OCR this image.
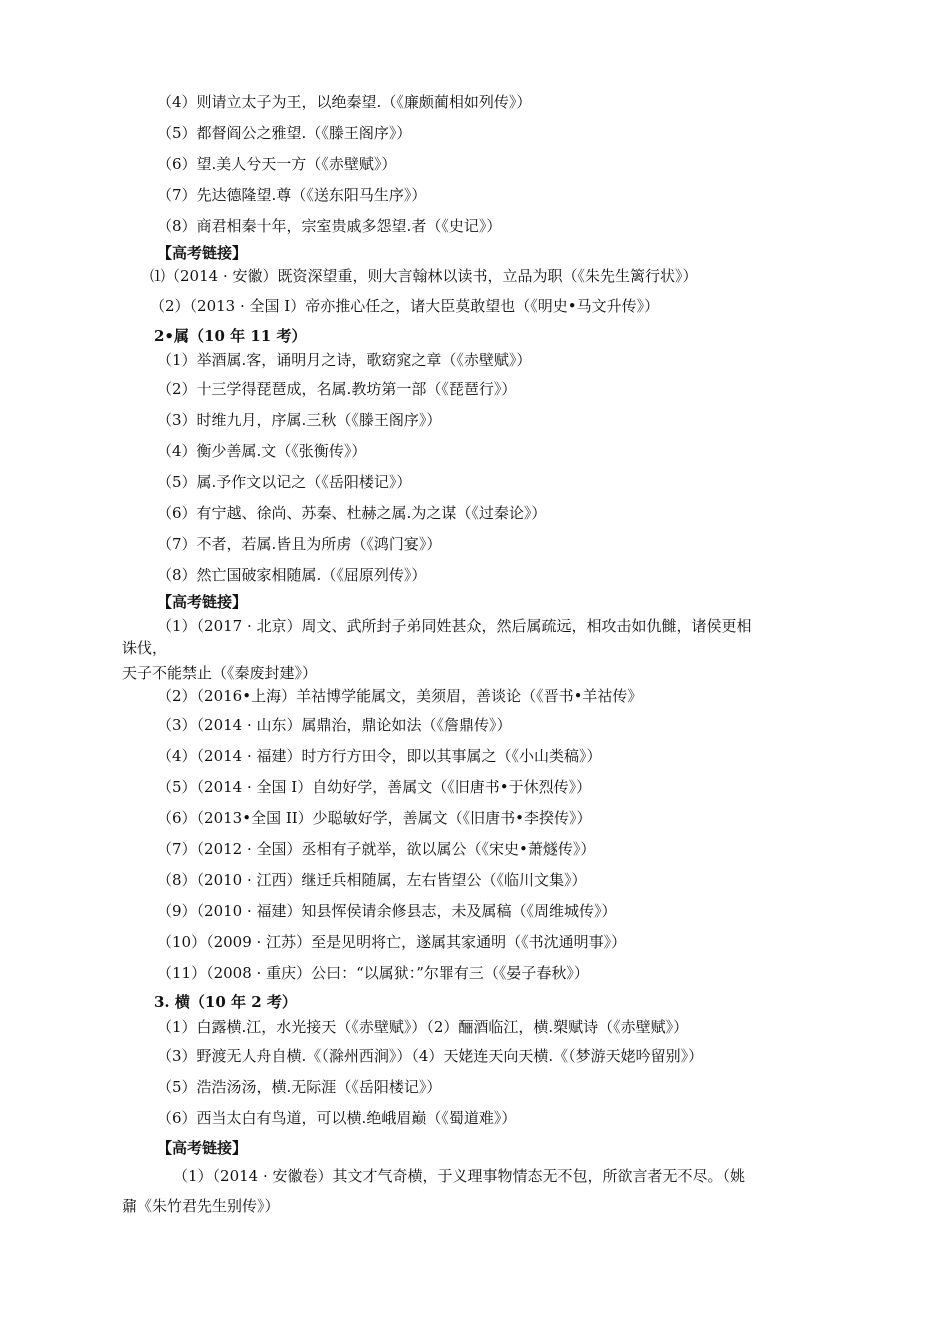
（4）则请立太子为王，以绝秦望.（《廉颇蔺相如列传》）
（5）都督阎公之雅望.（《滕王阁序》）
（6）望.美人兮天一方（《赤壁赋》）
（7）先达德隆望.尊（《送东阳马生序》）
（8）商君相秦十年，宗室贵戚多怨望.者（《史记》）
【高考链接】
⑴（2014 · 安徽）既资深望重，则大言翰林以读书，立品为职（《朱先生篱行状》）
（2）（2013 · 全国 I）帝亦推心任之，诸大臣莫敢望也（《明史•马文升传》）
2•属（10 年 11 考）
（1）举酒属.客，诵明月之诗，歌窈窕之章（《赤壁赋》）
（2）十三学得琵琶成，名属.教坊第一部（《琵琶行》）
（3）时维九月，序属.三秋（《滕王阁序》）
（4）衡少善属.文（《张衡传》）
（5）属.予作文以记之（《岳阳楼记》）
（6）有宁越、徐尚、苏秦、杜赫之属.为之谋（《过秦论》）
（7）不者，若属.皆且为所虏（《鸿门宴》）
（8）然亡国破家相随属.（《屈原列传》）
【高考链接】
（1）（2017 · 北京）周文、武所封子弟同姓甚众，然后属疏远，相攻击如仇雠，诸侯更相
诛伐，
天子不能禁止（《秦废封建》）
（2）（2016•上海）羊祜博学能属文，美须眉，善谈论（《晋书•羊祜传》
（3）（2014 · 山东）属鼎治，鼎论如法（《詹鼎传》）
（4）（2014 · 福建）时方行方田令，即以其事属之（《小山类稿》）
（5）（2014 · 全国 I）自幼好学，善属文（《旧唐书•于休烈传》）
（6）（2013•全国 II）少聪敏好学，善属文（《旧唐书•李揆传》）
（7）（2012 · 全国）丞相有子就举，欲以属公（《宋史•萧燧传》）
（8）（2010 · 江西）继迁兵相随属，左右皆望公（《临川文集》）
（9）（2010 · 福建）知县恽侯请余修县志，未及属稿（《周维城传》）
（10）（2009 · 江苏）至是见明将亡，遂属其家通明（《书沈通明事》）
（11）（2008 · 重庆）公曰：“以属狱：”尔罪有三（《晏子春秋》）
3. 横（10 年 2 考）
（1）白露横.江，水光接天（《赤壁赋》）（2）酾酒临江，横.槊赋诗（《赤壁赋》）
（3）野渡无人舟自横.《（滁州西涧》）（4）天姥连天向天横.《（梦游天姥吟留别》）
（5）浩浩汤汤，横.无际涯（《岳阳楼记》）
（6）西当太白有鸟道，可以横.绝峨眉巅（《蜀道难》）
【高考链接】
（1）（2014 · 安徽卷）其文才气奇横，于义理事物情态无不包，所欲言者无不尽。（姚
鼐《朱竹君先生别传》）
